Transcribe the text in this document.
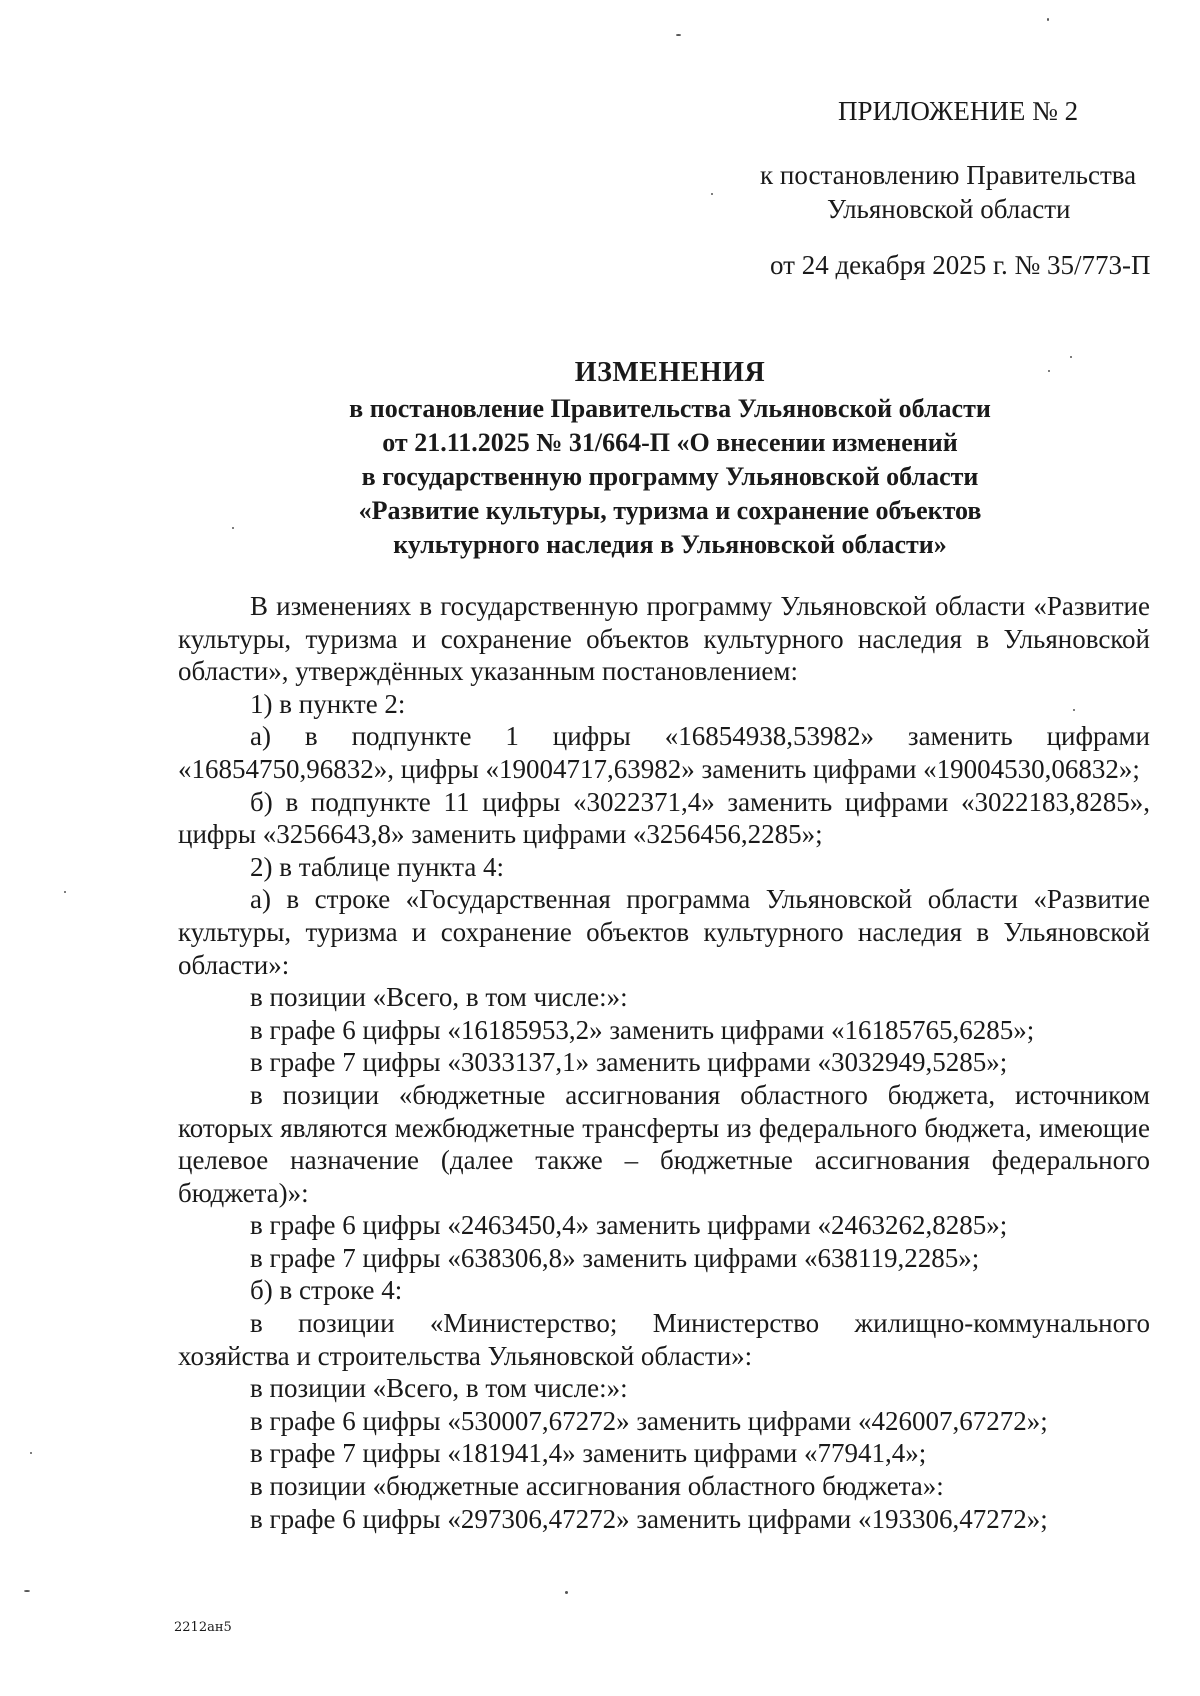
ПРИЛОЖЕНИЕ № 2
к постановлению Правительства
Ульяновской области
от 24 декабря 2025 г. № 35/773-П
ИЗМЕНЕНИЯ
в постановление Правительства Ульяновской области
от 21.11.2025 № 31/664-П «О внесении изменений
в государственную программу Ульяновской области
«Развитие культуры, туризма и сохранение объектов
культурного наследия в Ульяновской области»

В изменениях в государственную программу Ульяновской области «Развитие культуры, туризма и сохранение объектов культурного наследия в Ульяновской области», утверждённых указанным постановлением:

1) в пункте 2:

а) в подпункте 1 цифры «16854938,53982» заменить цифрами «16854750,96832», цифры «19004717,63982» заменить цифрами «19004530,06832»;

б) в подпункте 11 цифры «3022371,4» заменить цифрами «3022183,8285», цифры «3256643,8» заменить цифрами «3256456,2285»;

2) в таблице пункта 4:

а) в строке «Государственная программа Ульяновской области «Развитие культуры, туризма и сохранение объектов культурного наследия в Ульяновской области»:

в позиции «Всего, в том числе:»:

в графе 6 цифры «16185953,2» заменить цифрами «16185765,6285»;

в графе 7 цифры «3033137,1» заменить цифрами «3032949,5285»;

в позиции «бюджетные ассигнования областного бюджета, источником которых являются межбюджетные трансферты из федерального бюджета, имеющие целевое назначение (далее также – бюджетные ассигнования федерального бюджета)»:

в графе 6 цифры «2463450,4» заменить цифрами «2463262,8285»;

в графе 7 цифры «638306,8» заменить цифрами «638119,2285»;

б) в строке 4:

в позиции «Министерство; Министерство жилищно-коммунального хозяйства и строительства Ульяновской области»:

в позиции «Всего, в том числе:»:

в графе 6 цифры «530007,67272» заменить цифрами «426007,67272»;

в графе 7 цифры «181941,4» заменить цифрами «77941,4»;

в позиции «бюджетные ассигнования областного бюджета»:

в графе 6 цифры «297306,47272» заменить цифрами «193306,47272»;

2212ан5
